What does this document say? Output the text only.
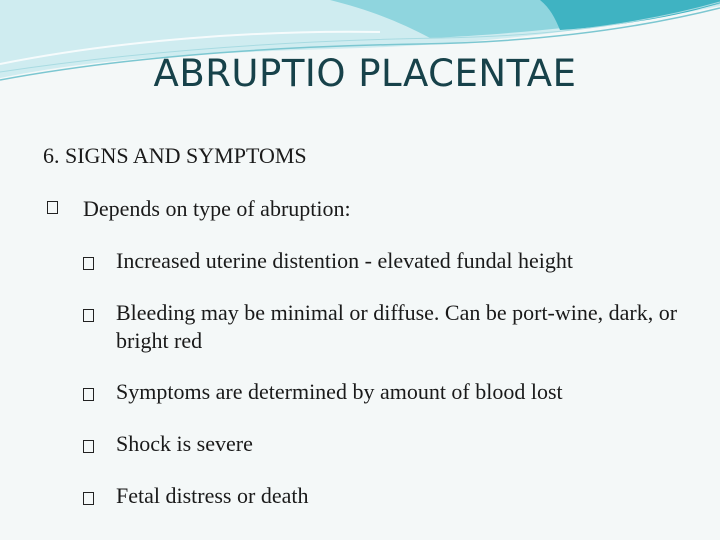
ABRUPTIO PLACENTAE
6. SIGNS AND SYMPTOMS
Depends on type of abruption:
Increased uterine distention - elevated fundal height
Bleeding may be minimal or diffuse. Can be port-wine, dark, or bright red
Symptoms are determined by amount of blood lost
Shock is severe
Fetal distress or death
